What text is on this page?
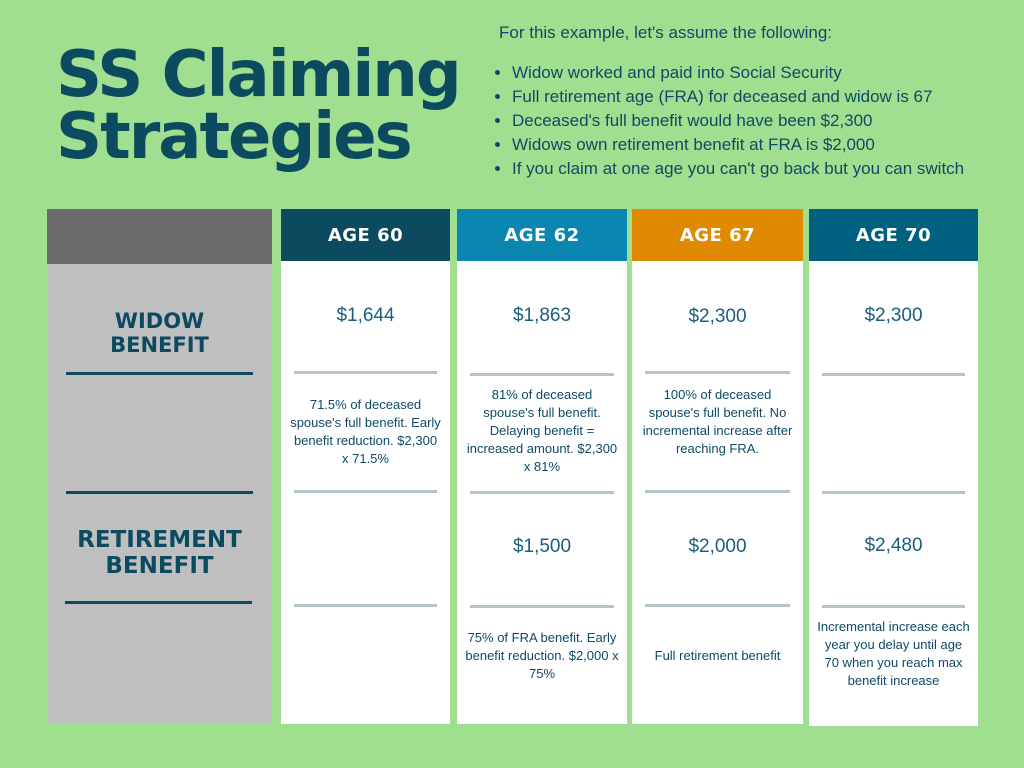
SS Claiming
Strategies
For this example, let's assume the following:
• Widow worked and paid into Social Security
• Full retirement age (FRA) for deceased and widow is 67
• Deceased's full benefit would have been $2,300
• Widows own retirement benefit at FRA is $2,000
• If you claim at one age you can't go back but you can switch
WIDOW
BENEFIT
RETIREMENT
BENEFIT
AGE 60
$1,644
71.5% of deceased spouse's full benefit. Early benefit reduction. $2,300 x 71.5%
AGE 62
$1,863
81% of deceased spouse's full benefit. Delaying benefit = increased amount. $2,300 x 81%
$1,500
75% of FRA benefit. Early benefit reduction. $2,000 x 75%
AGE 67
$2,300
100% of deceased spouse's full benefit. No incremental increase after reaching FRA.
$2,000
Full retirement benefit
AGE 70
$2,300
$2,480
Incremental increase each year you delay until age 70 when you reach max benefit increase
